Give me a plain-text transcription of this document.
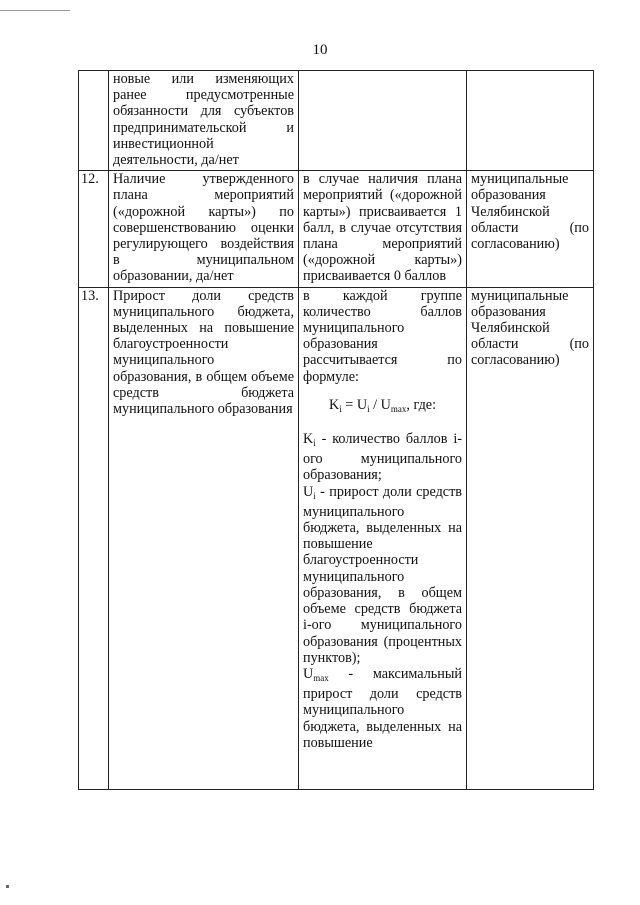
10
	новые или изменяющих ранее предусмотренные обязанности для субъектов предпринимательской и инвестиционной деятельности, да/нет		
12.	Наличие утвержденного плана мероприятий («дорожной карты») по совершенствованию оценки регулирующего воздействия в муниципальном образовании, да/нет	в случае наличия плана мероприятий («дорожной карты») присваивается 1 балл, в случае отсутствия плана мероприятий («дорожной карты») присваивается 0 баллов	муниципальные образования Челябинской области (по согласованию)
13.	Прирост доли средств муниципального бюджета, выделенных на повышение благоустроенности муниципального образования, в общем объеме средств бюджета муниципального образования	в каждой группе количество баллов муниципального образования рассчитывается по формуле:
$K_i = U_i / U_{max}$, где:
$K_i$ - количество баллов i-ого муниципального образования;
$U_i$ - прирост доли средств муниципального бюджета, выделенных на повышение благоустроенности муниципального образования, в общем объеме средств бюджета i-ого муниципального образования (процентных пунктов);
$U_{max}$ - максимальный прирост доли средств муниципального бюджета, выделенных на повышение	муниципальные образования Челябинской области (по согласованию)
